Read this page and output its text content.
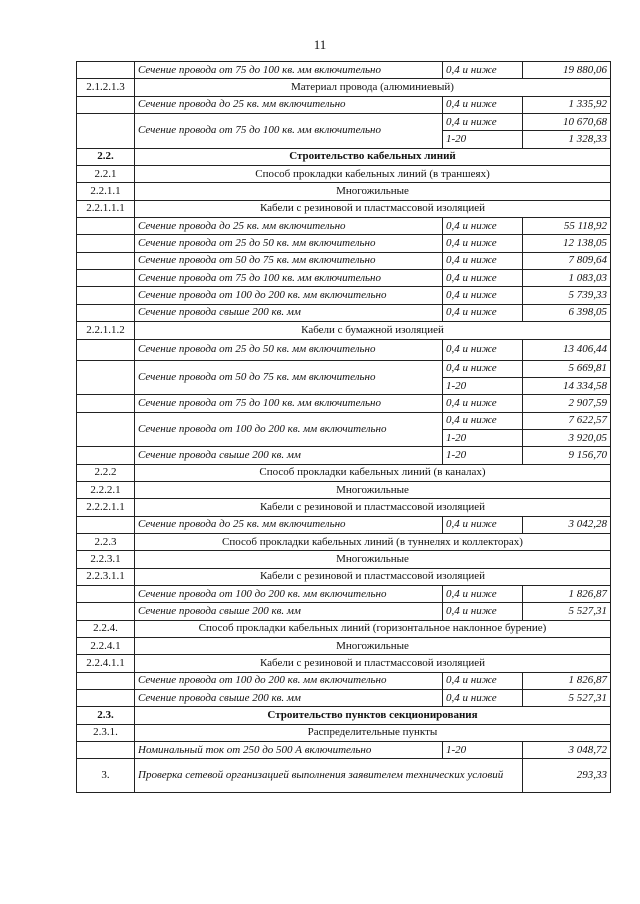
11
	Сечение провода от 75 до 100 кв. мм включительно	0,4 и ниже	19 880,06
2.1.2.1.3	Материал провода (алюминиевый)		
	Сечение провода до 25 кв. мм включительно	0,4 и ниже	1 335,92
	Сечение провода от 75 до 100 кв. мм включительно	0,4 и ниже	10 670,68
		1-20	1 328,33
2.2.	Строительство кабельных линий		
2.2.1	Способ прокладки кабельных линий (в траншеях)		
2.2.1.1	Многожильные		
2.2.1.1.1	Кабели с резиновой и пластмассовой изоляцией		
	Сечение провода до 25 кв. мм включительно	0,4 и ниже	55 118,92
	Сечение провода от 25 до 50 кв. мм включительно	0,4 и ниже	12 138,05
	Сечение провода от 50 до 75 кв. мм включительно	0,4 и ниже	7 809,64
	Сечение провода от 75 до 100 кв. мм включительно	0,4 и ниже	1 083,03
	Сечение провода от 100 до 200 кв. мм включительно	0,4 и ниже	5 739,33
	Сечение провода свыше 200 кв. мм	0,4 и ниже	6 398,05
2.2.1.1.2	Кабели с бумажной изоляцией		
	Сечение провода от 25 до 50 кв. мм включительно	0,4 и ниже	13 406,44
	Сечение провода от 50 до 75 кв. мм включительно	0,4 и ниже	5 669,81
		1-20	14 334,58
	Сечение провода от 75 до 100 кв. мм включительно	0,4 и ниже	2 907,59
	Сечение провода от 100 до 200 кв. мм включительно	0,4 и ниже	7 622,57
		1-20	3 920,05
	Сечение провода свыше 200 кв. мм	1-20	9 156,70
2.2.2	Способ прокладки кабельных линий (в каналах)		
2.2.2.1	Многожильные		
2.2.2.1.1	Кабели с резиновой и пластмассовой изоляцией		
	Сечение провода до 25 кв. мм включительно	0,4 и ниже	3 042,28
2.2.3	Способ прокладки кабельных линий (в туннелях и коллекторах)		
2.2.3.1	Многожильные		
2.2.3.1.1	Кабели с резиновой и пластмассовой изоляцией		
	Сечение провода от 100 до 200 кв. мм включительно	0,4 и ниже	1 826,87
	Сечение провода свыше 200 кв. мм	0,4 и ниже	5 527,31
2.2.4.	Способ прокладки кабельных линий (горизонтальное наклонное бурение)		
2.2.4.1	Многожильные		
2.2.4.1.1	Кабели с резиновой и пластмассовой изоляцией		
	Сечение провода от 100 до 200 кв. мм включительно	0,4 и ниже	1 826,87
	Сечение провода свыше 200 кв. мм	0,4 и ниже	5 527,31
2.3.	Строительство пунктов секционирования		
2.3.1.	Распределительные пункты		
	Номинальный ток от 250 до 500 А включительно	1-20	3 048,72
3.	Проверка сетевой организацией выполнения заявителем технических условий		293,33
